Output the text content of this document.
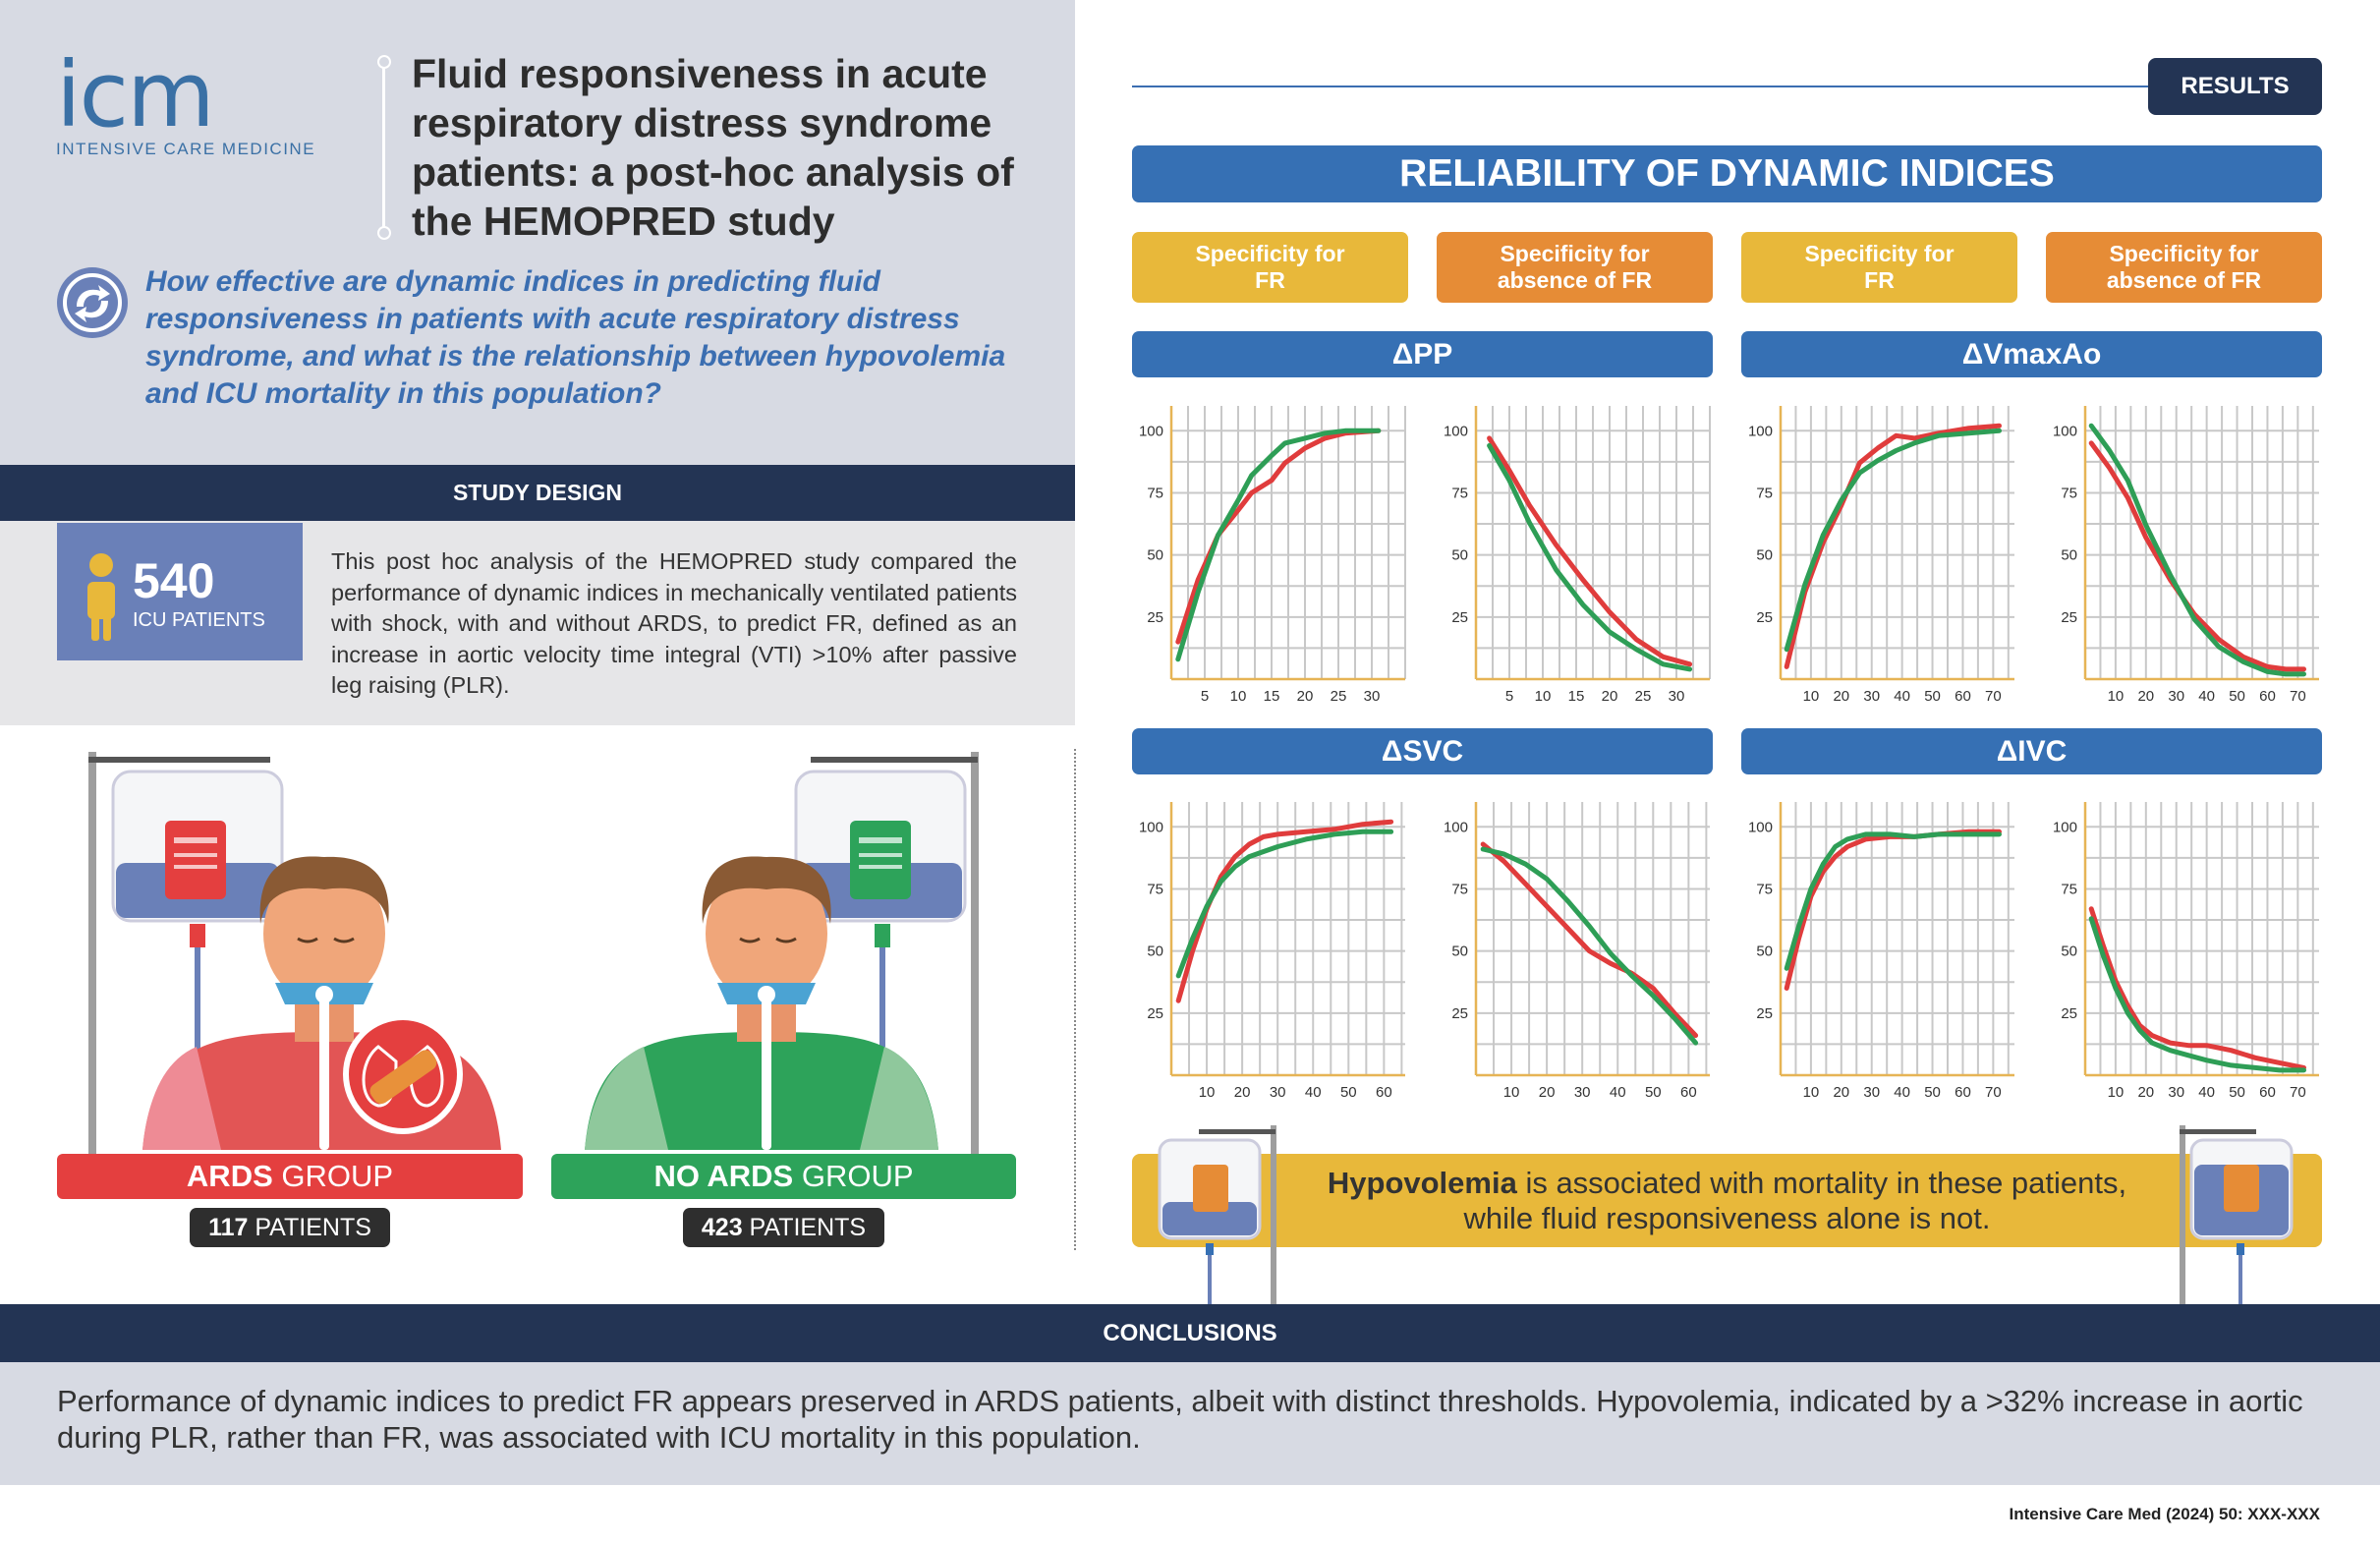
icm
INTENSIVE CARE MEDICINE
Fluid responsiveness in acute respiratory distress syndrome patients: a post-hoc analysis of the HEMOPRED study
How effective are dynamic indices in predicting fluid responsiveness in patients with acute respiratory distress syndrome, and what is the relationship between hypovolemia and ICU mortality in this population?
STUDY DESIGN
540
ICU PATIENTS
This post hoc analysis of the HEMOPRED study compared the performance of dynamic indices in mechanically ventilated patients with shock, with and without ARDS, to predict FR, defined as an increase in aortic velocity time integral (VTI) >10% after passive leg raising (PLR).
ARDS GROUP
117 PATIENTS
NO ARDS GROUP
423 PATIENTS
RESULTS
RELIABILITY OF DYNAMIC INDICES
Specificity for
FR
Specificity for
absence of FR
Specificity for
FR
Specificity for
absence of FR
ΔPP	ΔVmaxAo
ΔSVC	ΔIVC
25
50
75
100
5 10 15 20 25 30
25
50
75
100
5 10 15 20 25 30
25
50
75
100
10 20 30 40 50 60 70
25
50
75
100
10 20 30 40 50 60 70
25
50
75
100
10 20 30 40 50 60
25
50
75
100
10 20 30 40 50 60
25
50
75
100
10 20 30 40 50 60 70
25
50
75
100
10 20 30 40 50 60 70
Hypovolemia is associated with mortality in these patients,
while fluid responsiveness alone is not.
CONCLUSIONS
Performance of dynamic indices to predict FR appears preserved in ARDS patients, albeit with distinct thresholds. Hypovolemia, indicated by a >32% increase in aortic during PLR, rather than FR, was associated with ICU mortality in this population.
Intensive Care Med (2024) 50: XXX-XXX
